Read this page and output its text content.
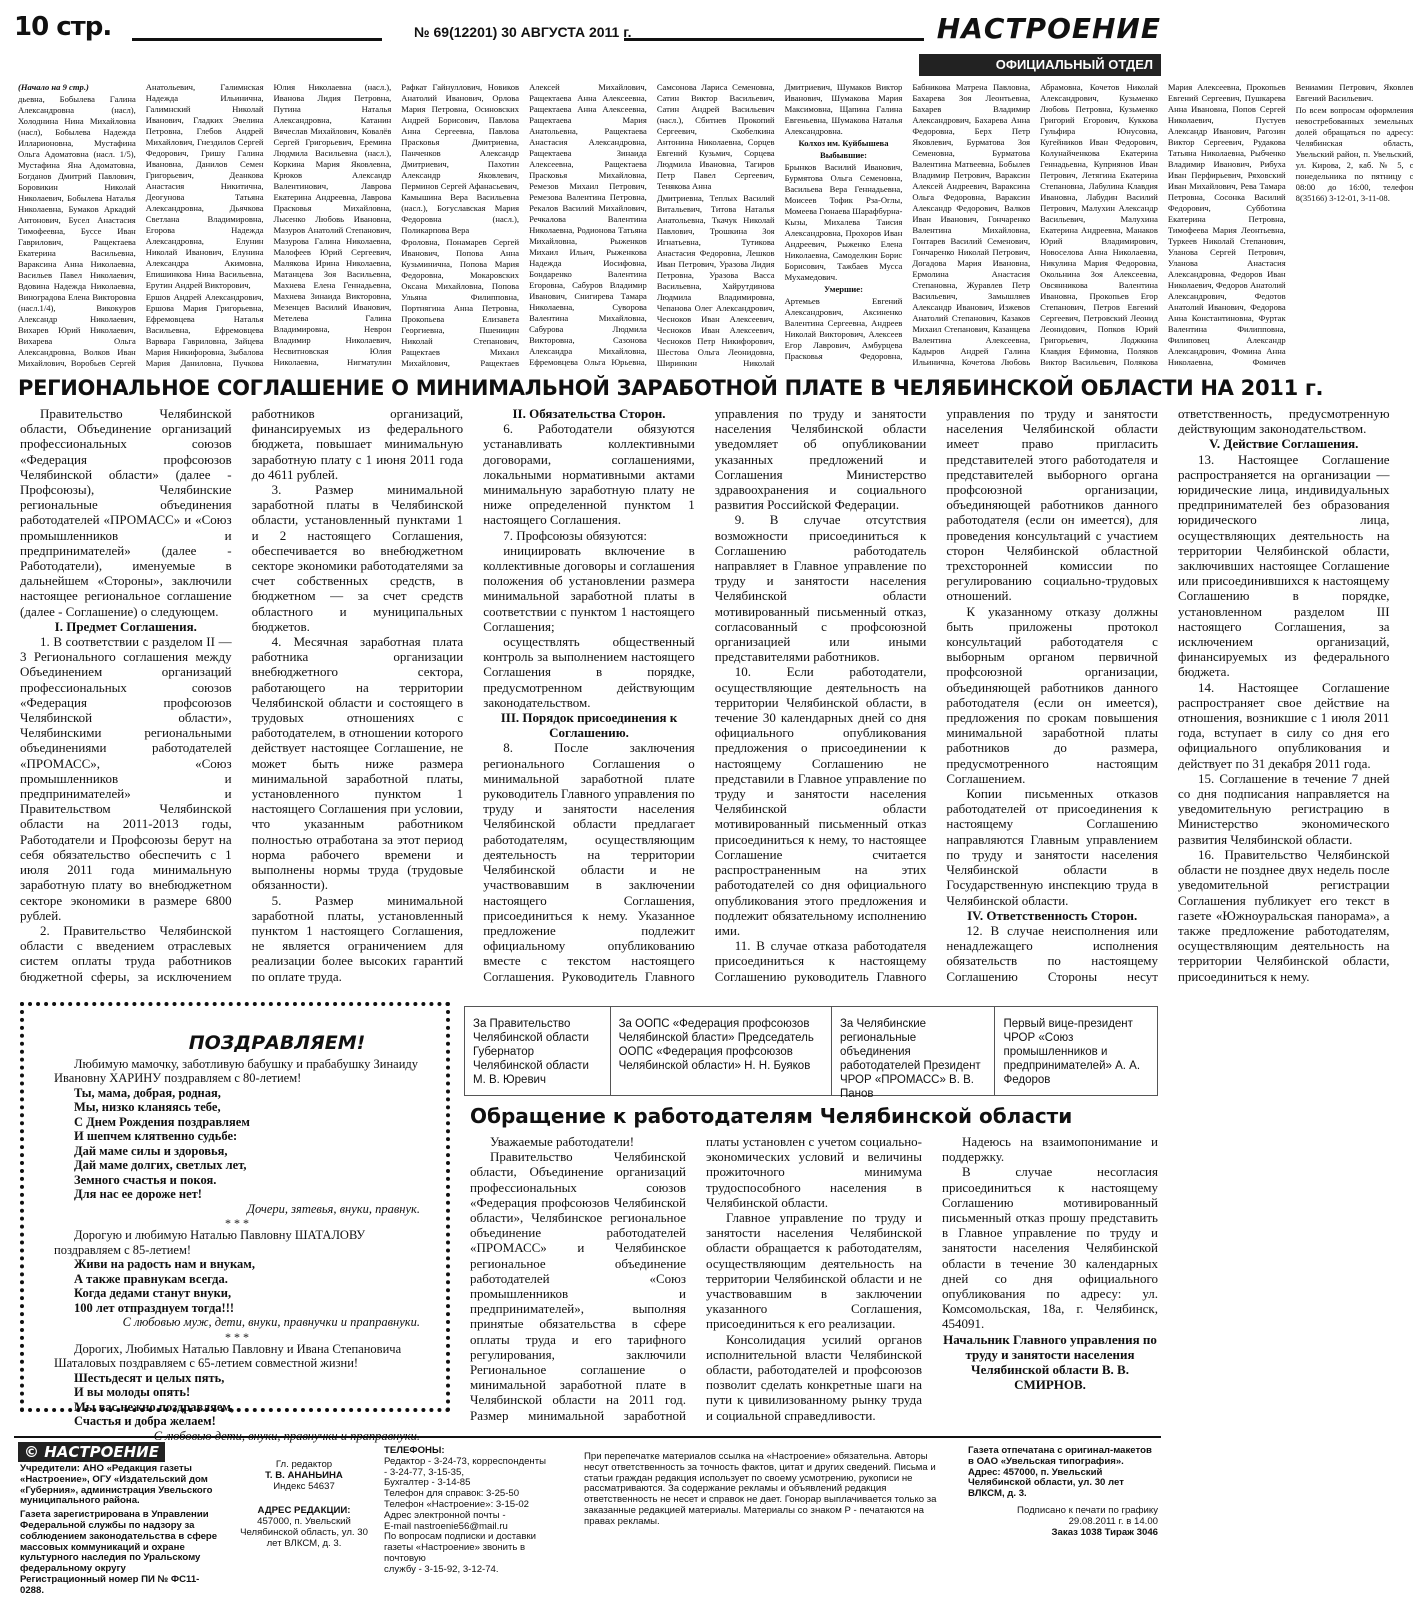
10 стр.	№ 69(12201) 30 АВГУСТА 2011 г.	НАСТРОЕНИЕ
ОФИЦИАЛЬНЫЙ ОТДЕЛ

(Начало на 9 стр.)

дьевна, Бобылева Галина Александровна (насл), Холоднина Нина Михайловна (насл), Бобылева Надежда Илларионовна, Мустафина Ольга Адоматовна (насл. 1/5), Мустафина Яна Адоматовна, Богданов Дмитрий Павлович, Боровикин Николай Николаевич, Бобылева Наталья Николаевна, Бумаков Аркадий Антонович, Бусел Анастасия Тимофеевна, Буссе Иван Гаврилович, Ращектаева Екатерина Васильевна, Вараксина Анна Николаевна, Васильев Павел Николаевич, Вдовина Надежда Николаевна, Виноградова Елена Викторовна (насл.1/4), Викокуров Александр Николаевич, Вихарев Юрий Николаевич, Вихарева Ольга Александровна, Волков Иван Михайлович, Воробьев Сергей Анатольевич, Галимнская Надежда Ильинична, Галимнский Николай Иванович, Гладких Эвелина Петровна, Глебов Андрей Михайлович, Гнездилов Сергей Федорович, Гришу Галина Ивановна, Данилов Семен Григорьевич, Деанкова Анастасия Никитична, Деогунова Татьяна Александровна, Дьячкова Светлана Владимировна, Егорова Надежда Александровна, Елунин Николай Иванович, Елунина Александра Акимовна, Епишинкова Нина Васильевна, Ерутин Андрей Викторович,

Ершов Андрей Александрович, Ершова Мария Григорьевна, Ефремовцева Наталья Васильевна, Ефремовцева Варвара Гавриловна, Зайцева Мария Никифоровна, Зыбалова Мария Даниловна, Пучкова Юлия Николаевна (насл.), Иванова Лидия Петровна, Путина Наталья Александровна, Катанин Вячеслав Михайлович, Ковалёв Сергей Григорьевич, Еремина Людмила Васильевна (насл.), Коркина Мария Яковлевна, Крюков Александр Валентинович, Лаврова Екатерина Андреевна, Лаврова Прасковья Михайловна, Лысенко Любовь Ивановна, Мазуров Анатолий Степанович, Мазурова Галина Николаевна, Малофеев Юрий Сергеевич, Малякова Ирина Николаевна, Матанцева Зоя Васильевна, Махнева Елена Геннадьевна, Махнева Зинаида Викторовна, Мезенцев Василий Иванович, Метелева Галина Владимировна, Неврон Владимир Николаевич, Несвитновская Юлия Николаевна, Нигматулин Рафкат Гайнуллович, Новиков Анатолий Иванович, Орлова Мария Петровна, Осиновских Андрей Борисович, Павлова Анна Сергеевна, Павлова Прасковья Дмитриевна, Панченков Александр Дмитриевич, Пахотин Александр Яковлевич, Перминов Сергей Афанасьевич, Камышина Вера Васильевна (насл.), Богуславская Мария Федоровна (насл.), Поликарпова Вера

Фроловна, Понамарев Сергей Иванович, Попова Анна Кузьминична, Попова Мария Федоровна, Мокаровских Оксана Михайловна, Попова Ульяна Филипповна, Портнягина Анна Петровна, Прокопьева Елизавета Георгиевна, Пшеницин Николай Степанович, Ращектаев Михаил Михайлович, Ращектаев Алексей Михайлович, Ращектаева Анна Алексеевна, Ращектаева Анна Алексеевна, Ращектаева Мария Анатольевна, Ращектаева Анастасия Александровна, Ращектаева Зинаида Алексеевна, Ращектаева Прасковья Михайловна, Ремезов Михаил Петрович, Ремезова Валентина Петровна, Рекалов Василий Михайлович, Речкалова Валентина Николаевна, Родионова Татьяна Михайловна, Рыженков Михаил Ильич, Рыженкова Надежда Иосифовна, Бондаренко Валентина Егоровна, Сабуров Владимир Иванович, Снигирева Тамара Николаевна, Суворова Валентина Михайловна, Сабурова Людмила Викторовна, Сазонова Александра Михайловна, Ефремовцева Ольга Юрьевна, Самсонова Лариса Семеновна, Сатин Виктор Васильевич, Сатин Андрей Васильевич (насл.), Сбитнев Прокопий Сергеевич, Скобелкина Антонина Николаевна, Сорцев Евгений Кузьмич, Сорцева Людмила Ивановна, Тагиров Петр Павел Сергеевич, Тенякова Анна

Дмитриевна, Теплых Василий Витальевич, Титова Наталья Анатольевна, Ткачук Николай Павлович, Трошкина Зоя Игнатьевна, Тутикова Анастасия Федоровна, Лешков Иван Петрович, Уразова Лидия Петровна, Уразова Васса Васильевна, Хайрутдинова Людмила Владимировна, Чепанова Олег Александрович, Чесноков Иван Алексеевич, Чесноков Иван Алексеевич, Чесноков Петр Никифорович, Шестова Ольга Леонидовна, Ширинкин Николай Дмитриевич, Шумаков Виктор Иванович, Шумакова Мария Максимовна, Щапина Галина Евгеньевна, Шумакова Наталья Александровна.

Колхоз им. Куйбышева

Выбывшие:

Брынков Василий Иванович, Бурмятова Ольга Семеновна, Васильева Вера Геннадьевна, Моисеев Тофик Рза-Оглы, Момеева Гюнаева Шарафбурна-Кызы, Михалева Таисия Александровна, Прохоров Иван Андреевич, Рыженко Елена Николаевна, Самоделкин Борис Борисович, Тажбаев Мусса Мухамедович.

Умершие:

Артемьев Евгений Александрович, Аксиненко Валентина Сергеевна, Андреев Николай Викторович, Алексеев Егор Лаврович, Амбурцева Прасковья Федоровна, Бабникова Матрена Павловна, Бахарева Зоя Леонтьевна, Бахарев Владимир Александрович, Бахарева Анна Федоровна, Берх Петр Яковлевич, Бурматова Зоя Семеновна, Бурматова Валентина Матвеевна, Бобылев Владимир Петрович, Вараксин Алексей Андреевич, Вараксина Ольга Федоровна, Вараксин Александр Федорович, Валков Иван Иванович, Гончаренко Валентина Михайловна, Гонтарев Василий Семенович, Гончаренко Николай Петрович, Догадова Мария Ивановна, Ермолина Анастасия Степановна, Журавлев Петр Васильевич, Замышляев Александр Иванович, Изжевов Анатолий Степанович, Казаков Михаил Степанович, Казанцева Валентина Алексеевна, Кадыров Андрей Галина Ильинична, Кочетова Любовь Абрамовна, Кочетов Николай Александрович, Кузьменко Любовь Петровна, Кузьменко Григорий Егорович, Куккова Гульфира Юнусовна, Кугейников Иван Федорович, Колунайченкова Екатерина Геннадьевна, Куприянов Иван Петрович, Летягина Екатерина Степановна, Лабулина Клавдия Ивановна, Лабудин Василий Петрович, Малухин Александр Васильевич, Малухина Екатерина Андреевна, Манаков Юрий Владимирович, Новоселова Анна Николаевна, Никулина Мария Федоровна, Окольнина Зоя Алексеевна, Овсянникова Валентина Ивановна, Прокопьев Егор Степанович, Петров Евгений Сергеевич, Петровский Леонид Леонидович, Попков Юрий Григорьевич, Лоджкина Клавдия Ефимовна, Поляков Виктор Васильевич, Полякова Мария Алексеевна, Прокопьев Евгений Сергеевич, Пушкарева Анна Ивановна, Попов Сергей Николаевич, Пустуев Александр Иванович, Рагозин Виктор Сергеевич, Рудакова Татьяна Николаевна, Рыбченко Владимир Иванович, Рибуха Иван Перфирьевич, Ряховский Иван Михайлович, Рева Тамара Петровна, Сосонка Василий Федорович, Субботина Екатерина Петровна, Тимофеева Мария Леонтьевна, Туркеев Николай Степанович, Уланова Сергей Петрович, Уланова Анастасия Александровна, Федоров Иван Николаевич, Федоров Анатолий Александрович, Федотов Анатолий Иванович, Федорова Анна Константиновна, Фуртак Валентина Филипповна, Филиповец Александр Александрович, Фомина Анна Николаевна, Фомичев Вениамин Петрович, Яковлев Евгений Васильевич.

По всем вопросам оформления невостребованных земельных долей обращаться по адресу: Челябинская область, Увельский район, п. Увельский, ул. Кирова, 2, каб. № 5, с понедельника по пятницу с 08:00 до 16:00, телефон 8(35166) 3-12-01, 3-11-08.

РЕГИОНАЛЬНОЕ СОГЛАШЕНИЕ О МИНИМАЛЬНОЙ ЗАРАБОТНОЙ ПЛАТЕ В ЧЕЛЯБИНСКОЙ ОБЛАСТИ НА 2011 г.

Правительство Челябинской области, Объединение организаций профессиональных союзов «Федерация профсоюзов Челябинской области» (далее - Профсоюзы), Челябинские региональные объединения работодателей «ПРОМАСС» и «Союз промышленников и предпринимателей» (далее - Работодатели), именуемые в дальнейшем «Стороны», заключили настоящее региональное соглашение (далее - Соглашение) о следующем.

I. Предмет Соглашения.

1. В соответствии с разделом II — 3 Регионального соглашения между Объединением организаций профессиональных союзов «Федерация профсоюзов Челябинской области», Челябинскими региональными объединениями работодателей «ПРОМАСС», «Союз промышленников и предпринимателей» и Правительством Челябинской области на 2011-2013 годы, Работодатели и Профсоюзы берут на себя обязательство обеспечить с 1 июля 2011 года минимальную заработную плату во внебюджетном секторе экономики в размере 6800 рублей.

2. Правительство Челябинской области с введением отраслевых систем оплаты труда работников бюджетной сферы, за исключением работников организаций, финансируемых из федерального бюджета, повышает минимальную заработную плату с 1 июня 2011 года до 4611 рублей.

3. Размер минимальной заработной платы в Челябинской области, установленный пунктами 1 и 2 настоящего Соглашения, обеспечивается во внебюджетном секторе экономики работодателями за счет собственных средств, в бюджетном — за счет средств областного и муниципальных бюджетов.

4. Месячная заработная плата работника организации внебюджетного сектора, работающего на территории Челябинской области и состоящего в трудовых отношениях с работодателем, в отношении которого действует настоящее Соглашение, не может быть ниже размера минимальной заработной платы, установленного пунктом 1 настоящего Соглашения при условии, что указанным работником полностью отработана за этот период норма рабочего времени и выполнены нормы труда (трудовые обязанности).

5. Размер минимальной заработной платы, установленный пунктом 1 настоящего Соглашения, не является ограничением для реализации более высоких гарантий по оплате труда.

II. Обязательства Сторон.

6. Работодатели обязуются устанавливать коллективными договорами, соглашениями, локальными нормативными актами минимальную заработную плату не ниже определенной пунктом 1 настоящего Соглашения.

7. Профсоюзы обязуются:

инициировать включение в коллективные договоры и соглашения положения об установлении размера минимальной заработной платы в соответствии с пунктом 1 настоящего Соглашения;

осуществлять общественный контроль за выполнением настоящего Соглашения в порядке, предусмотренном действующим законодательством.

III. Порядок присоединения к Соглашению.

8. После заключения регионального Соглашения о минимальной заработной плате руководитель Главного управления по труду и занятости населения Челябинской области предлагает работодателям, осуществляющим деятельность на территории Челябинской области и не участвовавшим в заключении настоящего Соглашения, присоединиться к нему. Указанное предложение подлежит официальному опубликованию вместе с текстом настоящего Соглашения. Руководитель Главного управления по труду и занятости населения Челябинской области уведомляет об опубликовании указанных предложений и Соглашения Министерство здравоохранения и социального развития Российской Федерации.

9. В случае отсутствия возможности присоединиться к Соглашению работодатель направляет в Главное управление по труду и занятости населения Челябинской области мотивированный письменный отказ, согласованный с профсоюзной организацией или иными представителями работников.

10. Если работодатели, осуществляющие деятельность на территории Челябинской области, в течение 30 календарных дней со дня официального опубликования предложения о присоединении к настоящему Соглашению не представили в Главное управление по труду и занятости населения Челябинской области мотивированный письменный отказ присоединиться к нему, то настоящее Соглашение считается распространенным на этих работодателей со дня официального опубликования этого предложения и подлежит обязательному исполнению ими.

11. В случае отказа работодателя присоединиться к настоящему Соглашению руководитель Главного управления по труду и занятости населения Челябинской области имеет право пригласить представителей этого работодателя и представителей выборного органа профсоюзной организации, объединяющей работников данного работодателя (если он имеется), для проведения консультаций с участием сторон Челябинской областной трехсторонней комиссии по регулированию социально-трудовых отношений.

К указанному отказу должны быть приложены протокол консультаций работодателя с выборным органом первичной профсоюзной организации, объединяющей работников данного работодателя (если он имеется), предложения по срокам повышения минимальной заработной платы работников до размера, предусмотренного настоящим Соглашением.

Копии письменных отказов работодателей от присоединения к настоящему Соглашению направляются Главным управлением по труду и занятости населения Челябинской области в Государственную инспекцию труда в Челябинской области.

IV. Ответственность Сторон.

12. В случае неисполнения или ненадлежащего исполнения обязательств по настоящему Соглашению Стороны несут ответственность, предусмотренную действующим законодательством.

V. Действие Соглашения.

13. Настоящее Соглашение распространяется на организации — юридические лица, индивидуальных предпринимателей без образования юридического лица, осуществляющих деятельность на территории Челябинской области, заключивших настоящее Соглашение или присоединившихся к настоящему Соглашению в порядке, установленном разделом III настоящего Соглашения, за исключением организаций, финансируемых из федерального бюджета.

14. Настоящее Соглашение распространяет свое действие на отношения, возникшие с 1 июля 2011 года, вступает в силу со дня его официального опубликования и действует по 31 декабря 2011 года.

15. Соглашение в течение 7 дней со дня подписания направляется на уведомительную регистрацию в Министерство экономического развития Челябинской области.

16. Правительство Челябинской области не позднее двух недель после уведомительной регистрации Соглашения публикует его текст в газете «Южноуральская панорама», а также предложение работодателям, осуществляющим деятельность на территории Челябинской области, присоединиться к нему.

ПОЗДРАВЛЯЕМ!

Любимую мамочку, заботливую бабушку и прабабушку Зинаиду Ивановну ХАРИНУ поздравляем с 80-летием!

Ты, мама, добрая, родная,
Мы, низко кланяясь тебе,
С Днем Рождения поздравляем
И шепчем клятвенно судьбе:
Дай маме силы и здоровья,
Дай маме долгих, светлых лет,
Земного счастья и покоя.
Для нас ее дороже нет!

Дочери, зятевья, внуки, правнук.

* * *

Дорогую и любимую Наталью Павловну ШАТАЛОВУ поздравляем с 85-летием!

Живи на радость нам и внукам,
А также правнукам всегда.
Когда дедами станут внуки,
100 лет отпразднуем тогда!!!

С любовью муж, дети, внуки, правнучки и праправнуки.

* * *

Дорогих, Любимых Наталью Павловну и Ивана Степановича Шаталовых поздравляем с 65-летием совместной жизни!

Шестьдесят и целых пять,
И вы молоды опять!
Мы вас нежно поздравляем,
Счастья и добра желаем!

С любовью дети, внуки, правнучки и праправнуки.

За Правительство Челябинской области Губернатор Челябинской области М. В. Юревич
За ООПС «Федерация профсоюзов Челябинской бласти» Председатель ООПС «Федерация профсоюзов Челябинской области» Н. Н. Буяков
За Челябинские региональные объединения работодателей Президент ЧРОР «ПРОМАСС» В. В. Панов
Первый вице-президент ЧРОР «Союз промышленников и предпринимателей» А. А. Федоров
Обращение к работодателям Челябинской области

Уважаемые работодатели!

Правительство Челябинской области, Объединение организаций профессиональных союзов «Федерация профсоюзов Челябинской области», Челябинское региональное объединение работодателей «ПРОМАСС» и Челябинское региональное объединение работодателей «Союз промышленников и предпринимателей», выполняя принятые обязательства в сфере оплаты труда и его тарифного регулирования, заключили Региональное соглашение о минимальной заработной плате в Челябинской области на 2011 год. Размер минимальной заработной платы установлен с учетом социально-экономических условий и величины прожиточного минимума трудоспособного населения в Челябинской области.

Главное управление по труду и занятости населения Челябинской области обращается к работодателям, осуществляющим деятельность на территории Челябинской области и не участвовавшим в заключении указанного Соглашения, присоединиться к его реализации.

Консолидация усилий органов исполнительной власти Челябинской области, работодателей и профсоюзов позволит сделать конкретные шаги на пути к цивилизованному рынку труда и социальной справедливости.

Надеюсь на взаимопонимание и поддержку.

В случае несогласия присоединиться к настоящему Соглашению мотивированный письменный отказ прошу представить в Главное управление по труду и занятости населения Челябинской области в течение 30 календарных дней со дня официального опубликования по адресу: ул. Комсомольская, 18а, г. Челябинск, 454091.

Начальник Главного управления по труду и занятости населения Челябинской области В. В. СМИРНОВ.

© НАСТРОЕНИЕ
Учредители: АНО «Редакция газеты «Настроение», ОГУ «Издательский дом «Губерния», администрация Увельского муниципального района.
Газета зарегистрирована в Управлении Федеральной службы по надзору за соблюдением законодательства в сфере массовых коммуникаций и охране культурного наследия по Уральскому федеральному округу
Регистрационный номер ПИ № ФС11-0288.
Гл. редактор
Т. В. АНАНЬИНА
Индекс 54637
АДРЕС РЕДАКЦИИ:
457000, п. Увельский Челябинской область, ул. 30 лет ВЛКСМ, д. 3.
ТЕЛЕФОНЫ:
Редактор - 3-24-73, корреспонденты
- 3-24-77, 3-15-35,
Бухгалтер - 3-14-85
Телефон для справок: 3-25-50
Телефон «Настроение»: 3-15-02
Адрес электронной почты -
E-mail nastroenie56@mail.ru
По вопросам подписки и доставки
газеты «Настроение» звонить в почтовую
службу - 3-15-92, 3-12-74.
При перепечатке материалов ссылка на «Настроение» обязательна. Авторы несут ответственность за точность фактов, цитат и других сведений. Письма и статьи граждан редакция использует по своему усмотрению, рукописи не рассматриваются. За содержание рекламы и объявлений редакция ответственность не несет и справок не дает. Гонорар выплачивается только за заказанные редакцией материалы. Материалы со знаком Р - печатаются на правах рекламы.
Газета отпечатана с оригинал-макетов в ОАО «Увельская типография». Адрес: 457000, п. Увельский Челябинской области, ул. 30 лет ВЛКСМ, д. 3.
Подписано к печати по графику 29.08.2011 г. в 14.00
Заказ 1038 Тираж 3046
